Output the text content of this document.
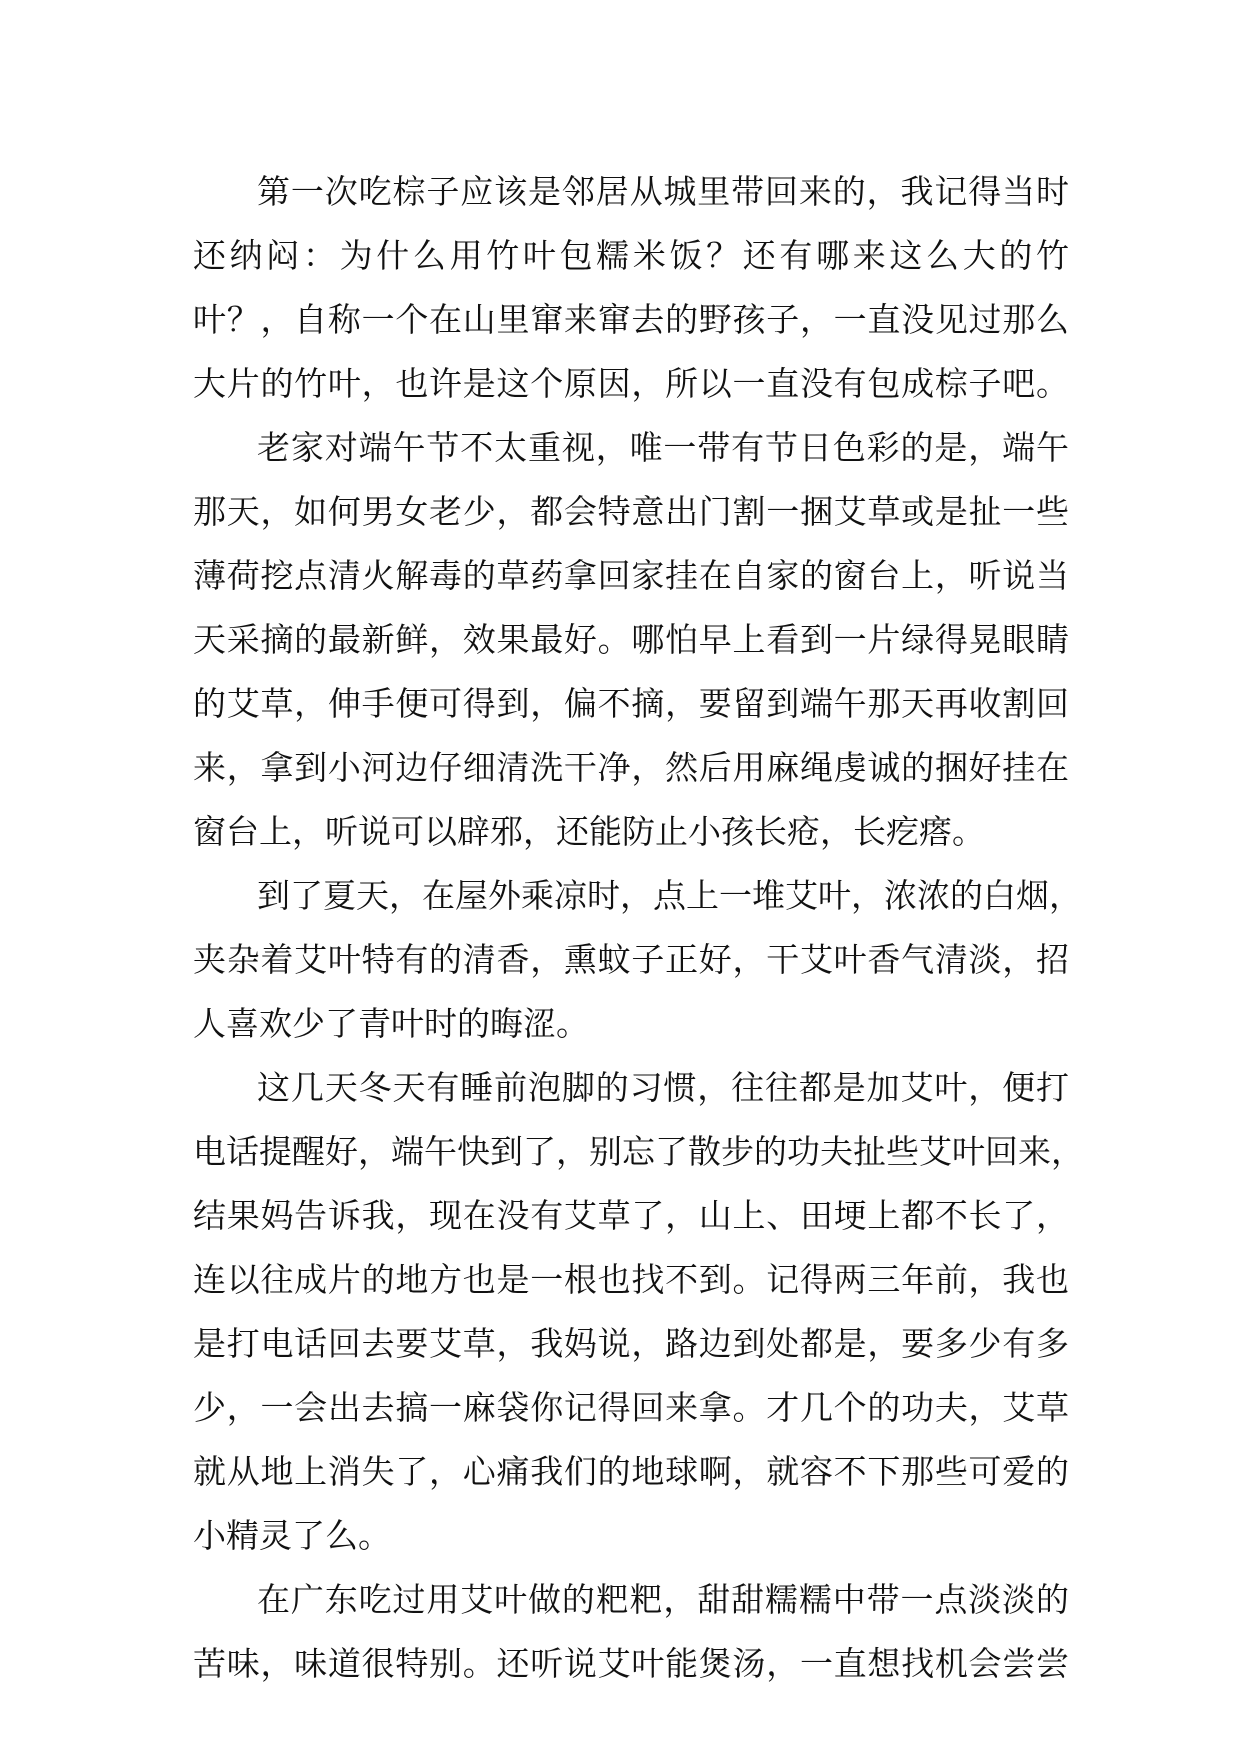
第一次吃棕子应该是邻居从城里带回来的，我记得当时
还纳闷：为什么用竹叶包糯米饭？还有哪来这么大的竹
叶？，自称一个在山里窜来窜去的野孩子，一直没见过那么
大片的竹叶，也许是这个原因，所以一直没有包成棕子吧。
老家对端午节不太重视，唯一带有节日色彩的是，端午
那天，如何男女老少，都会特意出门割一捆艾草或是扯一些
薄荷挖点清火解毒的草药拿回家挂在自家的窗台上，听说当
天采摘的最新鲜，效果最好。哪怕早上看到一片绿得晃眼睛
的艾草，伸手便可得到，偏不摘，要留到端午那天再收割回
来，拿到小河边仔细清洗干净，然后用麻绳虔诚的捆好挂在
窗台上，听说可以辟邪，还能防止小孩长疮，长疙瘩。
到了夏天，在屋外乘凉时，点上一堆艾叶，浓浓的白烟，
夹杂着艾叶特有的清香，熏蚊子正好，干艾叶香气清淡，招
人喜欢少了青叶时的晦涩。
这几天冬天有睡前泡脚的习惯，往往都是加艾叶，便打
电话提醒好，端午快到了，别忘了散步的功夫扯些艾叶回来，
结果妈告诉我，现在没有艾草了，山上、田埂上都不长了，
连以往成片的地方也是一根也找不到。记得两三年前，我也
是打电话回去要艾草，我妈说，路边到处都是，要多少有多
少，一会出去搞一麻袋你记得回来拿。才几个的功夫，艾草
就从地上消失了，心痛我们的地球啊，就容不下那些可爱的
小精灵了么。
在广东吃过用艾叶做的粑粑，甜甜糯糯中带一点淡淡的
苦味，味道很特别。还听说艾叶能煲汤，一直想找机会尝尝
